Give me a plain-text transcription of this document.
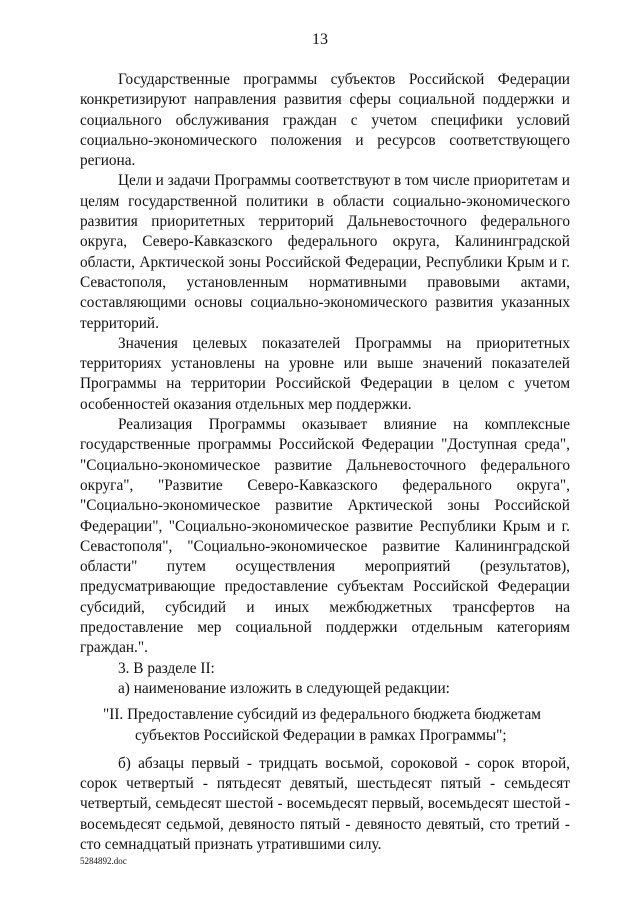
13

Государственные программы субъектов Российской Федерации конкретизируют направления развития сферы социальной поддержки и социального обслуживания граждан с учетом специфики условий социально-экономического положения и ресурсов соответствующего региона.

Цели и задачи Программы соответствуют в том числе приоритетам и целям государственной политики в области социально-экономического развития приоритетных территорий Дальневосточного федерального округа, Северо-Кавказского федерального округа, Калининградской области, Арктической зоны Российской Федерации, Республики Крым и г. Севастополя, установленным нормативными правовыми актами, составляющими основы социально-экономического развития указанных территорий.

Значения целевых показателей Программы на приоритетных территориях установлены на уровне или выше значений показателей Программы на территории Российской Федерации в целом с учетом особенностей оказания отдельных мер поддержки.

Реализация Программы оказывает влияние на комплексные государственные программы Российской Федерации "Доступная среда", "Социально-экономическое развитие Дальневосточного федерального округа", "Развитие Северо-Кавказского федерального округа", "Социально-экономическое развитие Арктической зоны Российской Федерации", "Социально-экономическое развитие Республики Крым и г. Севастополя", "Социально-экономическое развитие Калининградской области" путем осуществления мероприятий (результатов), предусматривающие предоставление субъектам Российской Федерации субсидий, субсидий и иных межбюджетных трансфертов на предоставление мер социальной поддержки отдельным категориям граждан.".

3. В разделе II:

а) наименование изложить в следующей редакции:

"II. Предоставление субсидий из федерального бюджета бюджетам субъектов Российской Федерации в рамках Программы";

б) абзацы первый - тридцать восьмой, сороковой - сорок второй, сорок четвертый - пятьдесят девятый, шестьдесят пятый - семьдесят четвертый, семьдесят шестой - восемьдесят первый, восемьдесят шестой - восемьдесят седьмой, девяносто пятый - девяносто девятый, сто третий - сто семнадцатый признать утратившими силу.

5284892.doc
